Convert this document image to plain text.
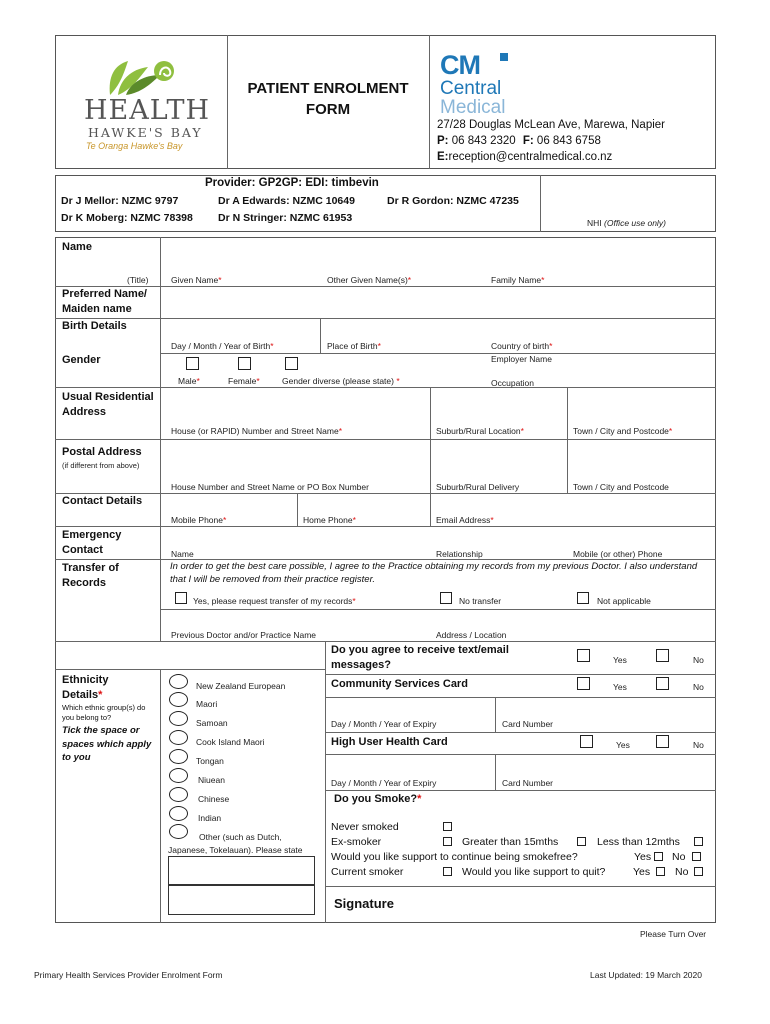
HEALTH
HAWKE'S BAY
Te Oranga Hawke's Bay
PATIENT ENROLMENT
FORM
CM
Central
Medical
27/28 Douglas McLean Ave, Marewa, Napier
P: 06 843 2320 F: 06 843 6758
E:reception@centralmedical.co.nz
Provider: GP2GP: EDI: timbevin
Dr J Mellor: NZMC 9797	Dr A Edwards: NZMC 10649	Dr R Gordon: NZMC 47235
Dr K Moberg: NZMC 78398 Dr N Stringer: NZMC 61953	NHI (Office use only)
Name
(Title)	Given Name*	Other Given Name(s)*	Family Name*
Preferred Name/
Maiden name
Birth Details
Day / Month / Year of Birth*	Place of Birth*	Country of birth*
Gender
Male*	Female*	Gender diverse (please state) *
Employer Name
Occupation
Usual Residential
Address
House (or RAPID) Number and Street Name*	Suburb/Rural Location*	Town / City and Postcode*
Postal Address
(if different from above)
House Number and Street Name or PO Box Number	Suburb/Rural Delivery	Town / City and Postcode
Contact Details
Mobile Phone*	Home Phone*	Email Address*
Emergency
Contact	Name	Relationship	Mobile (or other) Phone
Transfer of
Records
In order to get the best care possible, I agree to the Practice obtaining my records from my previous Doctor. I also understand that I will be removed from their practice register.
Yes, please request transfer of my records*	No transfer	Not applicable
Previous Doctor and/or Practice Name	Address / Location
Ethnicity
Details*
Which ethnic group(s) do
you belong to?
Tick the space or
spaces which apply
to you
New Zealand European
Maori
Samoan
Cook Island Maori
Tongan
Niuean
Chinese
Indian
Other (such as Dutch,
Japanese, Tokelauan). Please state
Do you agree to receive text/email
messages?	Yes	No
Community Services Card	Yes	No
Day / Month / Year of Expiry	Card Number
High User Health Card	Yes	No
Day / Month / Year of Expiry	Card Number
Do you Smoke?*
Never smoked
Ex-smoker	Greater than 15mths	Less than 12mths
Would you like support to continue being smokefree?	Yes No
Current smoker	Would you like support to quit?	Yes No
Signature
Please Turn Over
Primary Health Services Provider Enrolment Form	Last Updated: 19 March 2020
